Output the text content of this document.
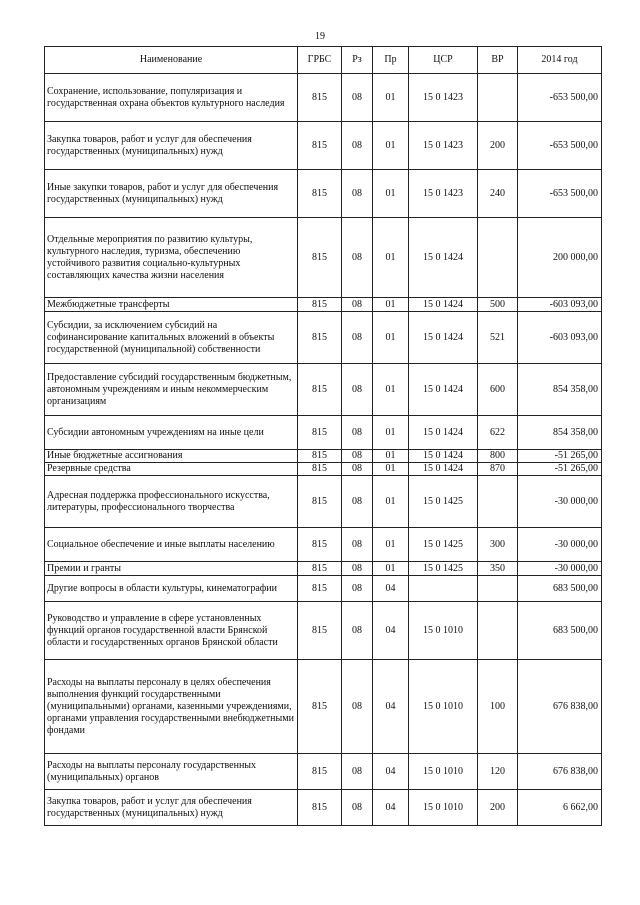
19
Наименование	ГРБС	Рз	Пр	ЦСР	ВР	2014 год
Сохранение, использование, популяризация и государственная охрана объектов культурного наследия	815	08	01	15 0 1423		-653 500,00
Закупка товаров, работ и услуг для обеспечения государственных (муниципальных) нужд	815	08	01	15 0 1423	200	-653 500,00
Иные закупки товаров, работ и услуг для обеспечения государственных (муниципальных) нужд	815	08	01	15 0 1423	240	-653 500,00
Отдельные мероприятия по развитию культуры, культурного наследия, туризма, обеспечению устойчивого развития социально-культурных составляющих качества жизни населения	815	08	01	15 0 1424		200 000,00
Межбюджетные трансферты	815	08	01	15 0 1424	500	-603 093,00
Субсидии, за исключением субсидий на софинансирование капитальных вложений в объекты государственной (муниципальной) собственности	815	08	01	15 0 1424	521	-603 093,00
Предоставление субсидий государственным бюджетным, автономным учреждениям и иным некоммерческим организациям	815	08	01	15 0 1424	600	854 358,00
Субсидии автономным учреждениям на иные цели	815	08	01	15 0 1424	622	854 358,00
Иные бюджетные ассигнования	815	08	01	15 0 1424	800	-51 265,00
Резервные средства	815	08	01	15 0 1424	870	-51 265,00
Адресная поддержка профессионального искусства, литературы, профессионального творчества	815	08	01	15 0 1425		-30 000,00
Социальное обеспечение и иные выплаты населению	815	08	01	15 0 1425	300	-30 000,00
Премии и гранты	815	08	01	15 0 1425	350	-30 000,00
Другие вопросы в области культуры, кинематографии	815	08	04			683 500,00
Руководство и управление в сфере установленных функций органов государственной власти Брянской области и государственных органов Брянской области	815	08	04	15 0 1010		683 500,00
Расходы на выплаты персоналу в целях обеспечения выполнения функций государственными (муниципальными) органами, казенными учреждениями, органами управления государственными внебюджетными фондами	815	08	04	15 0 1010	100	676 838,00
Расходы на выплаты персоналу государственных (муниципальных) органов	815	08	04	15 0 1010	120	676 838,00
Закупка товаров, работ и услуг для обеспечения государственных (муниципальных) нужд	815	08	04	15 0 1010	200	6 662,00
